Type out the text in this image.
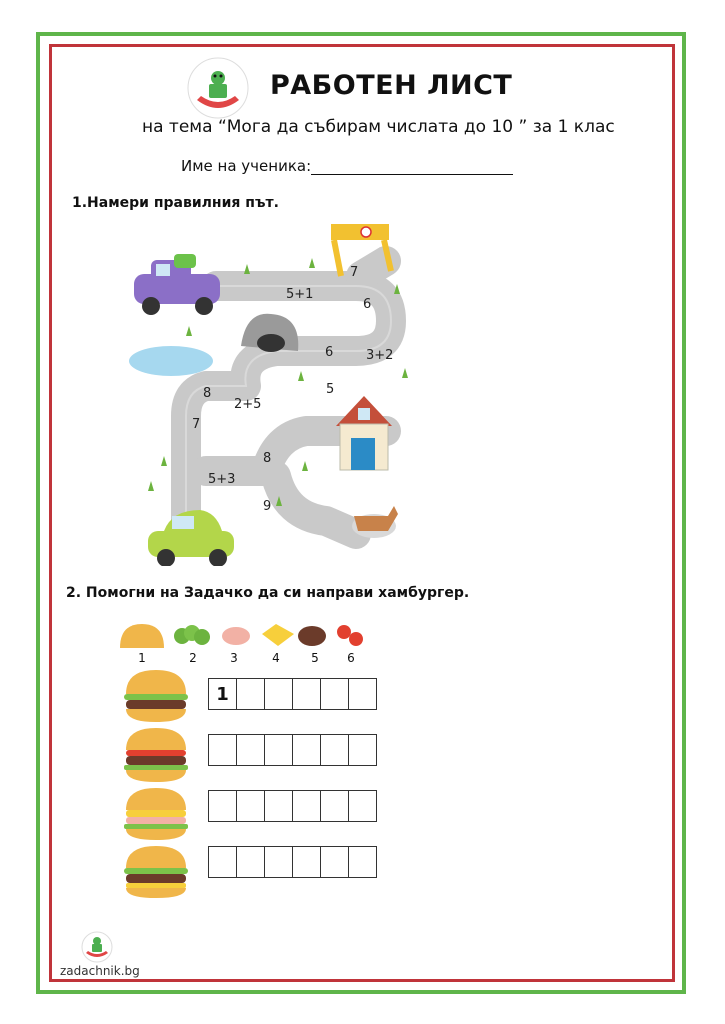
РАБОТЕН ЛИСТ
на тема “Мога да събирам числата до 10 ” за 1 клас
Име на ученика:
1.Намери правилния път.
7
5+1
6
6	3+2
5
8
2+5
7
8
5+3
9
2. Помогни на Задачко да си направи хамбургер.
1	2	3	4	5	6
1
zadachnik.bg
